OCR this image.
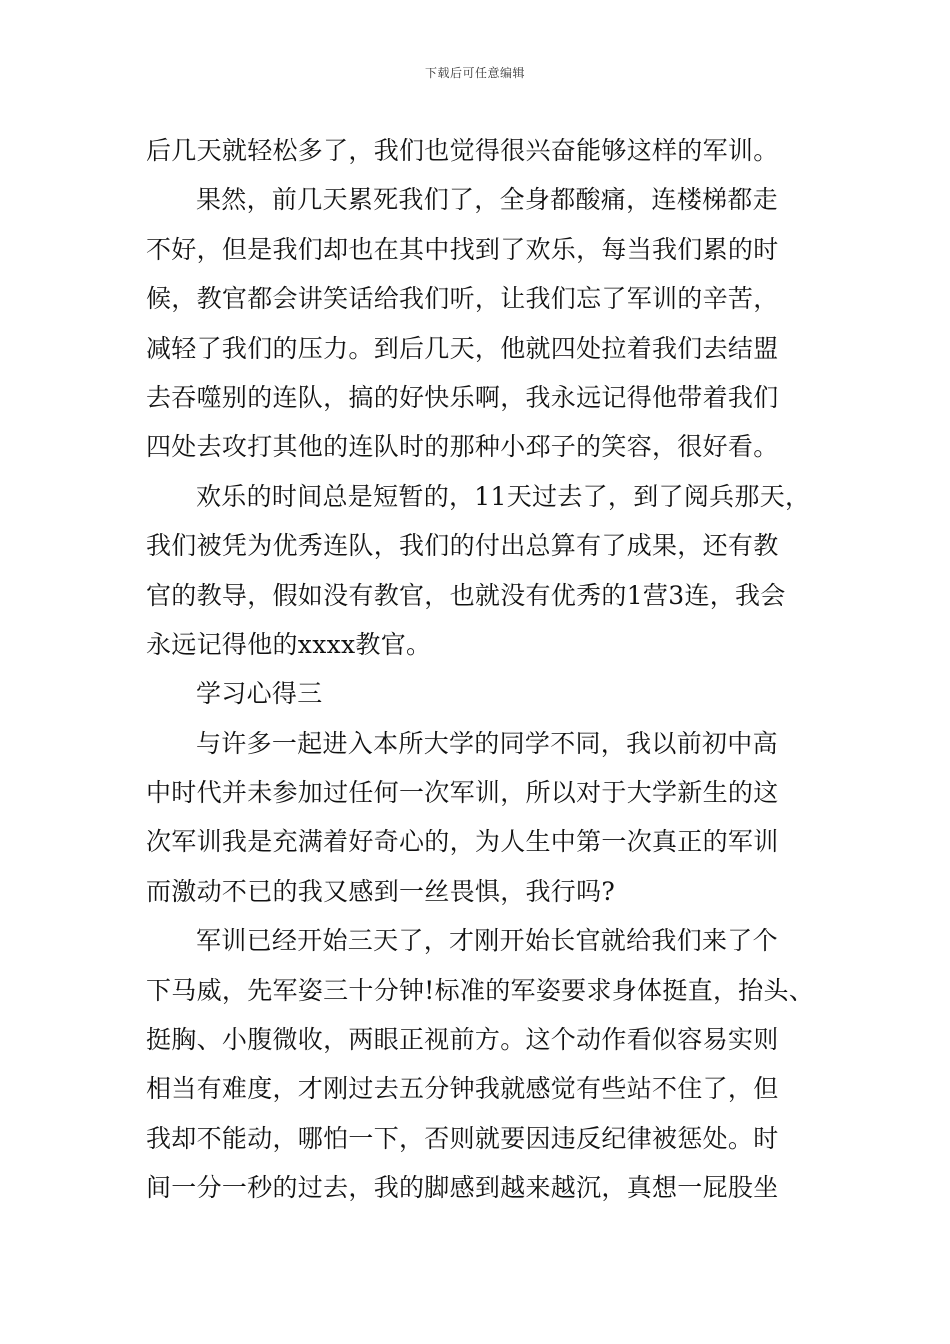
下载后可任意编辑
后几天就轻松多了，我们也觉得很兴奋能够这样的军训。
果然，前几天累死我们了，全身都酸痛，连楼梯都走
不好，但是我们却也在其中找到了欢乐，每当我们累的时
候，教官都会讲笑话给我们听，让我们忘了军训的辛苦，
减轻了我们的压力。到后几天，他就四处拉着我们去结盟
去吞噬别的连队，搞的好快乐啊，我永远记得他带着我们
四处去攻打其他的连队时的那种小邳子的笑容，很好看。
欢乐的时间总是短暂的，11天过去了，到了阅兵那天，
我们被凭为优秀连队，我们的付出总算有了成果，还有教
官的教导，假如没有教官，也就没有优秀的1营3连，我会
永远记得他的xxxx教官。
学习心得三
与许多一起进入本所大学的同学不同，我以前初中高
中时代并未参加过任何一次军训，所以对于大学新生的这
次军训我是充满着好奇心的，为人生中第一次真正的军训
而激动不已的我又感到一丝畏惧，我行吗?
军训已经开始三天了，才刚开始长官就给我们来了个
下马威，先军姿三十分钟!标准的军姿要求身体挺直，抬头、
挺胸、小腹微收，两眼正视前方。这个动作看似容易实则
相当有难度，才刚过去五分钟我就感觉有些站不住了，但
我却不能动，哪怕一下，否则就要因违反纪律被惩处。时
间一分一秒的过去，我的脚感到越来越沉，真想一屁股坐
